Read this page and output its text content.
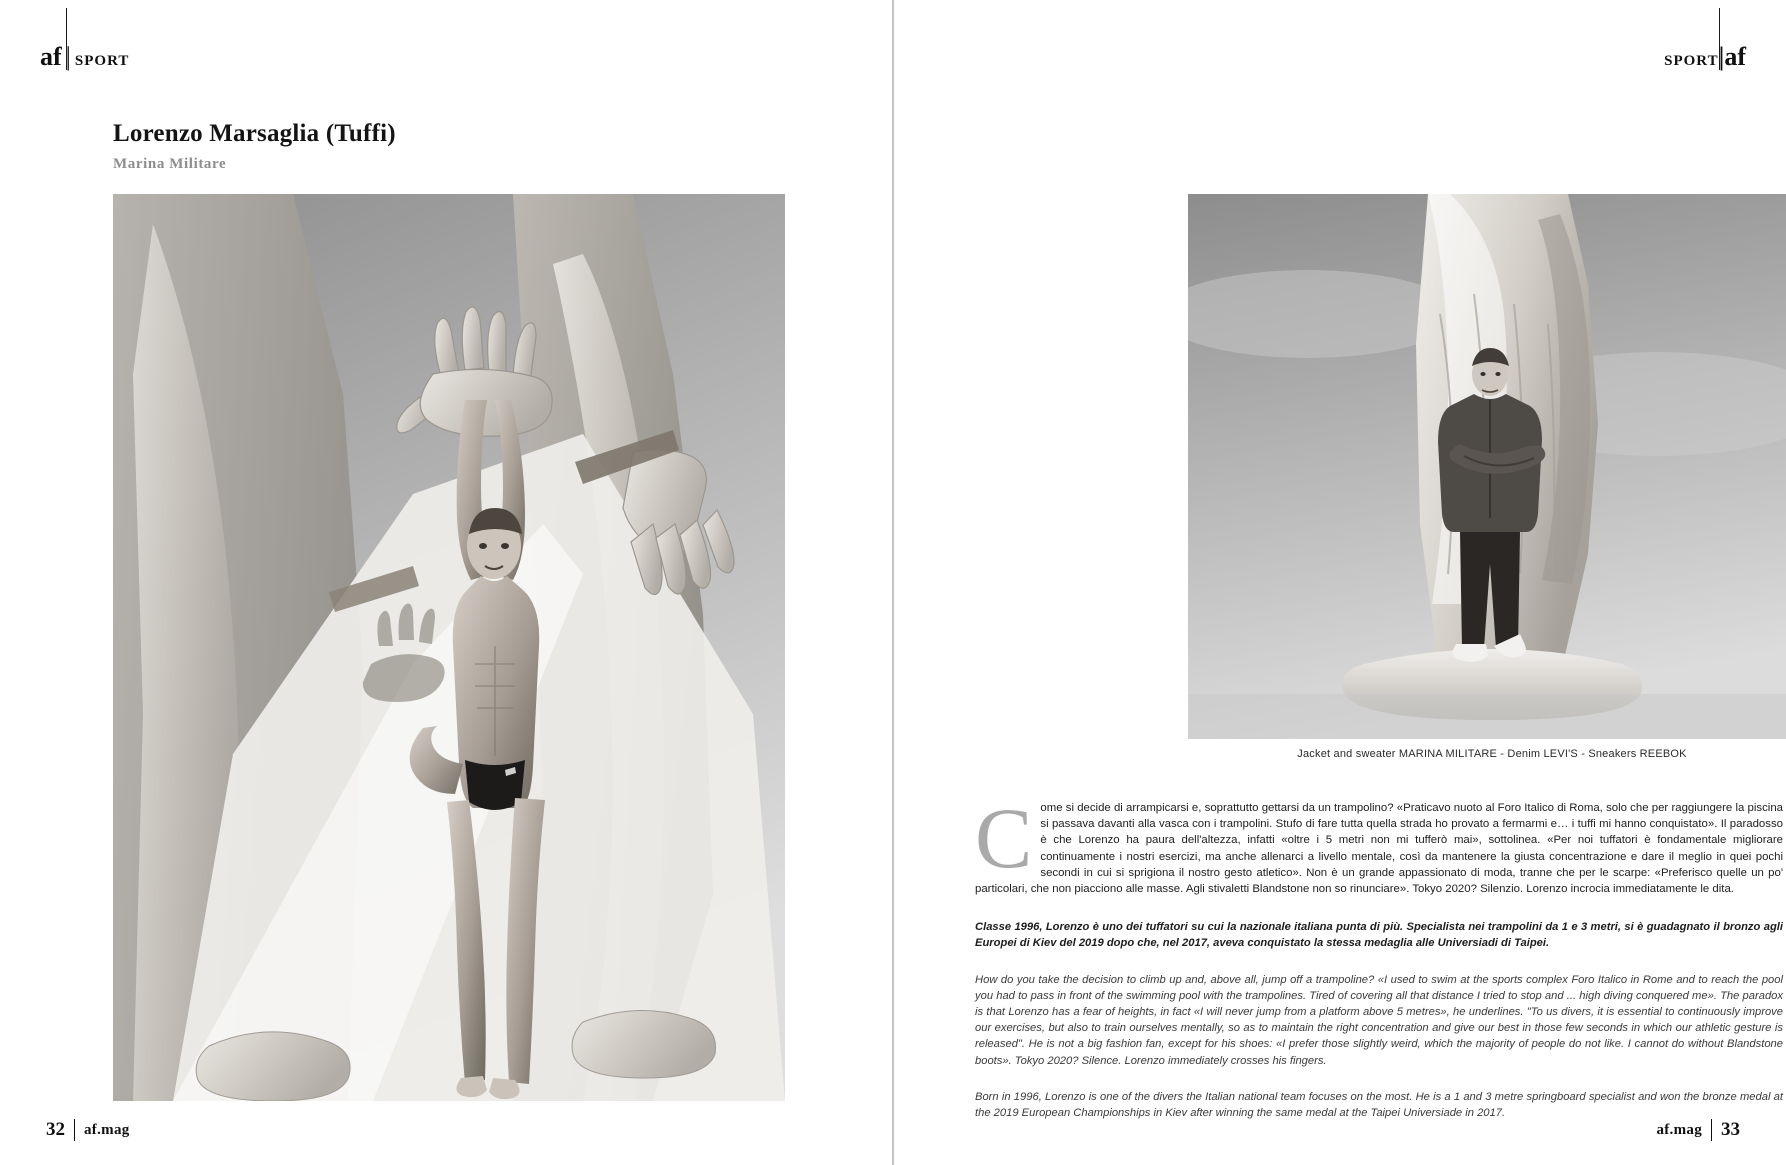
af | SPORT
Lorenzo Marsaglia (Tuffi)
Marina Militare
32 af.mag
SPORT|af
Jacket and sweater MARINA MILITARE - Denim LEVI'S - Sneakers REEBOK

Come si decide di arrampicarsi e, soprattutto gettarsi da un trampolino? «Praticavo nuoto al Foro Italico di Roma, solo che per raggiungere la piscina si passava davanti alla vasca con i trampolini. Stufo di fare tutta quella strada ho provato a fermarmi e… i tuffi mi hanno conquistato». Il paradosso è che Lorenzo ha paura dell'altezza, infatti «oltre i 5 metri non mi tufferò mai», sottolinea. «Per noi tuffatori è fondamentale migliorare continuamente i nostri esercizi, ma anche allenarci a livello mentale, così da mantenere la giusta concentrazione e dare il meglio in quei pochi secondi in cui si sprigiona il nostro gesto atletico». Non è un grande appassionato di moda, tranne che per le scarpe: «Preferisco quelle un po' particolari, che non piacciono alle masse. Agli stivaletti Blandstone non so rinunciare». Tokyo 2020? Silenzio. Lorenzo incrocia immediatamente le dita.

Classe 1996, Lorenzo è uno dei tuffatori su cui la nazionale italiana punta di più. Specialista nei trampolini da 1 e 3 metri, si è guadagnato il bronzo agli Europei di Kiev del 2019 dopo che, nel 2017, aveva conquistato la stessa medaglia alle Universiadi di Taipei.

How do you take the decision to climb up and, above all, jump off a trampoline? «I used to swim at the sports complex Foro Italico in Rome and to reach the pool you had to pass in front of the swimming pool with the trampolines. Tired of covering all that distance I tried to stop and ... high diving conquered me». The paradox is that Lorenzo has a fear of heights, in fact «I will never jump from a platform above 5 metres», he underlines. "To us divers, it is essential to continuously improve our exercises, but also to train ourselves mentally, so as to maintain the right concentration and give our best in those few seconds in which our athletic gesture is released". He is not a big fashion fan, except for his shoes: «I prefer those slightly weird, which the majority of people do not like. I cannot do without Blandstone boots». Tokyo 2020? Silence. Lorenzo immediately crosses his fingers.

Born in 1996, Lorenzo is one of the divers the Italian national team focuses on the most. He is a 1 and 3 metre springboard specialist and won the bronze medal at the 2019 European Championships in Kiev after winning the same medal at the Taipei Universiade in 2017.

af.mag 33
